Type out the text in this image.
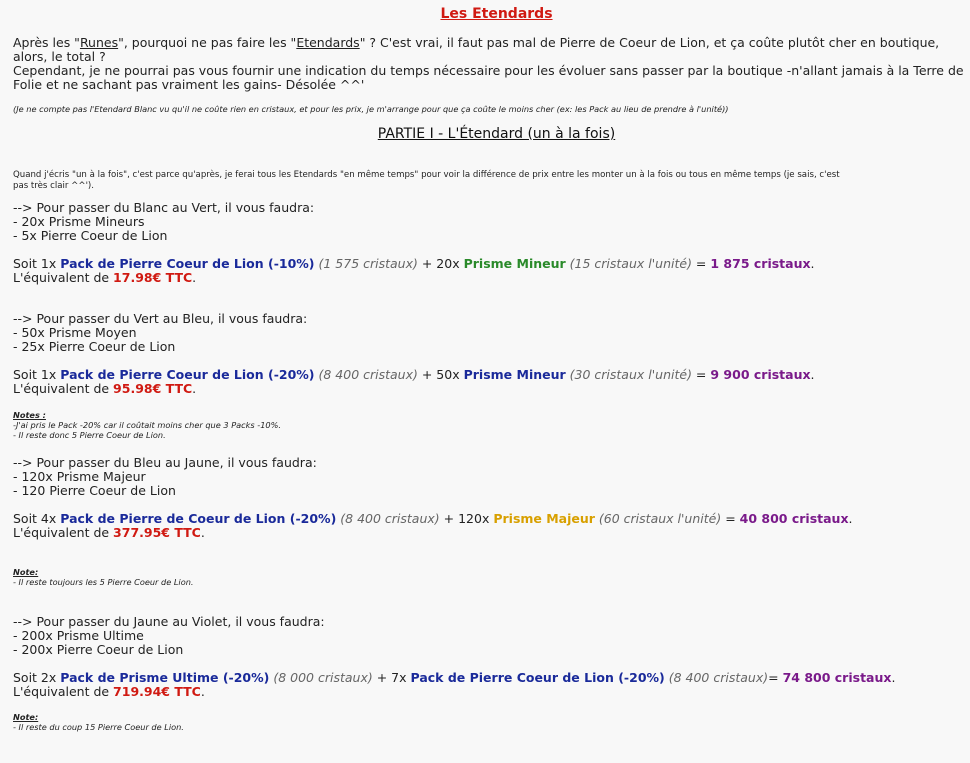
Les Etendards
Après les "Runes", pourquoi ne pas faire les "Etendards" ? C'est vrai, il faut pas mal de Pierre de Coeur de Lion, et ça coûte plutôt cher en boutique,
alors, le total ?
Cependant, je ne pourrai pas vous fournir une indication du temps nécessaire pour les évoluer sans passer par la boutique -n'allant jamais à la Terre de
Folie et ne sachant pas vraiment les gains- Désolée ^^'
(Je ne compte pas l'Etendard Blanc vu qu'il ne coûte rien en cristaux, et pour les prix, je m'arrange pour que ça coûte le moins cher (ex: les Pack au lieu de prendre à l'unité))
PARTIE I - L'Étendard (un à la fois)
Quand j'écris "un à la fois", c'est parce qu'après, je ferai tous les Etendards "en même temps" pour voir la différence de prix entre les monter un à la fois ou tous en même temps (je sais, c'est
pas très clair ^^').
--> Pour passer du Blanc au Vert, il vous faudra:
- 20x Prisme Mineurs
- 5x Pierre Coeur de Lion
Soit 1x Pack de Pierre Coeur de Lion (-10%) (1 575 cristaux) + 20x Prisme Mineur (15 cristaux l'unité) = 1 875 cristaux.
L'équivalent de 17.98€ TTC.
--> Pour passer du Vert au Bleu, il vous faudra:
- 50x Prisme Moyen
- 25x Pierre Coeur de Lion
Soit 1x Pack de Pierre Coeur de Lion (-20%) (8 400 cristaux) + 50x Prisme Mineur (30 cristaux l'unité) = 9 900 cristaux.
L'équivalent de 95.98€ TTC.
Notes :
-J'ai pris le Pack -20% car il coûtait moins cher que 3 Packs -10%.
- Il reste donc 5 Pierre Coeur de Lion.
--> Pour passer du Bleu au Jaune, il vous faudra:
- 120x Prisme Majeur
- 120 Pierre Coeur de Lion
Soit 4x Pack de Pierre de Coeur de Lion (-20%) (8 400 cristaux) + 120x Prisme Majeur (60 cristaux l'unité) = 40 800 cristaux.
L'équivalent de 377.95€ TTC.
Note:
- Il reste toujours les 5 Pierre Coeur de Lion.
--> Pour passer du Jaune au Violet, il vous faudra:
- 200x Prisme Ultime
- 200x Pierre Coeur de Lion
Soit 2x Pack de Prisme Ultime (-20%) (8 000 cristaux) + 7x Pack de Pierre Coeur de Lion (-20%) (8 400 cristaux)= 74 800 cristaux.
L'équivalent de 719.94€ TTC.
Note:
- Il reste du coup 15 Pierre Coeur de Lion.
